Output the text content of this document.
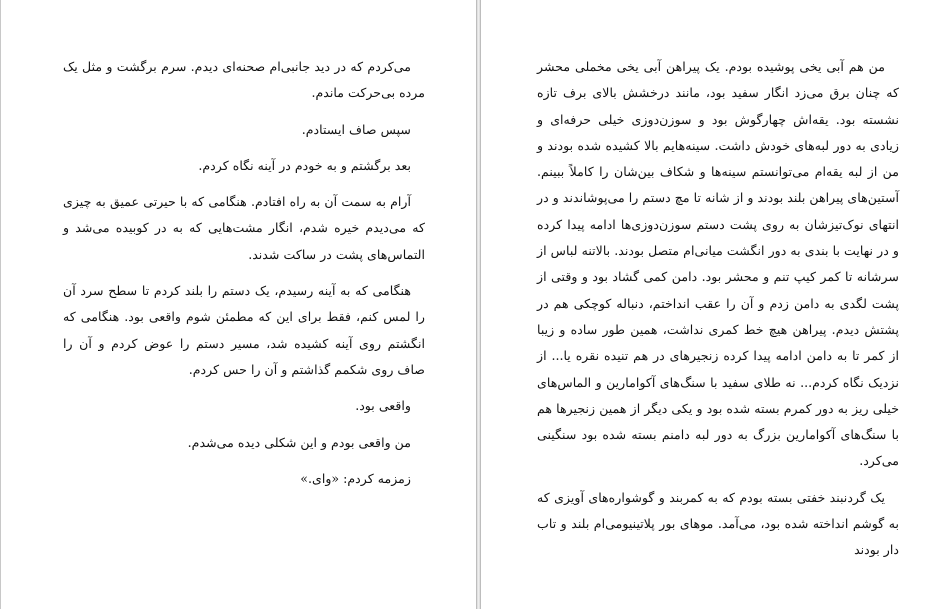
می‌کردم که در دید جانبی‌ام صحنه‌ای دیدم. سرم برگشت و مثل یک مرده بی‌حرکت ماندم.

سپس صاف ایستادم.

بعد برگشتم و به خودم در آینه نگاه کردم.

آرام به سمت آن به راه افتادم. هنگامی که با حیرتی عمیق به چیزی که می‌دیدم خیره شدم، انگار مشت‌هایی که به در کوبیده می‌شد و التماس‌های پشت در ساکت شدند.

هنگامی که به آینه رسیدم، یک دستم را بلند کردم تا سطح سرد آن را لمس کنم، فقط برای این که مطمئن شوم واقعی بود. هنگامی که انگشتم روی آینه کشیده شد، مسیر دستم را عوض کردم و آن را صاف روی شکمم گذاشتم و آن را حس کردم.

واقعی بود.

من واقعی بودم و این شکلی دیده می‌شدم.

زمزمه کردم: «وای.»

من هم آبی یخی پوشیده بودم. یک پیراهن آبی یخی مخملی محشر که چنان برق می‌زد انگار سفید بود، مانند درخشش بالای برف تازه نشسته بود. یقه‌اش چهارگوش بود و سوزن‌دوزی خیلی حرفه‌ای و زیادی به دور لبه‌های خودش داشت. سینه‌هایم بالا کشیده شده بودند و من از لبه یقه‌ام می‌توانستم سینه‌ها و شکاف بین‌شان را کاملاً ببینم. آستین‌های پیراهن بلند بودند و از شانه تا مچ دستم را می‌پوشاندند و در انتهای نوک‌تیزشان به روی پشت دستم سوزن‌دوزی‌ها ادامه پیدا کرده و در نهایت با بندی به دور انگشت میانی‌ام متصل بودند. بالاتنه لباس از سرشانه تا کمر کیپ تنم و محشر بود. دامن کمی گشاد بود و وقتی از پشت لگدی به دامن زدم و آن را عقب انداختم، دنباله کوچکی هم در پشتش دیدم. پیراهن هیچ خط کمری نداشت، همین طور ساده و زیبا از کمر تا به دامن ادامه پیدا کرده زنجیرهای در هم تنیده نقره یا... از نزدیک نگاه کردم... نه طلای سفید با سنگ‌های آکوامارین و الماس‌های خیلی ریز به دور کمرم بسته شده بود و یکی دیگر از همین زنجیرها هم با سنگ‌های آکوامارین بزرگ به دور لبه دامنم بسته شده بود سنگینی می‌کرد.

یک گردنبند خفتی بسته بودم که به کمربند و گوشواره‌های آویزی که به گوشم انداخته شده بود، می‌آمد. موهای بور پلاتینیومی‌ام بلند و تاب دار بودند
